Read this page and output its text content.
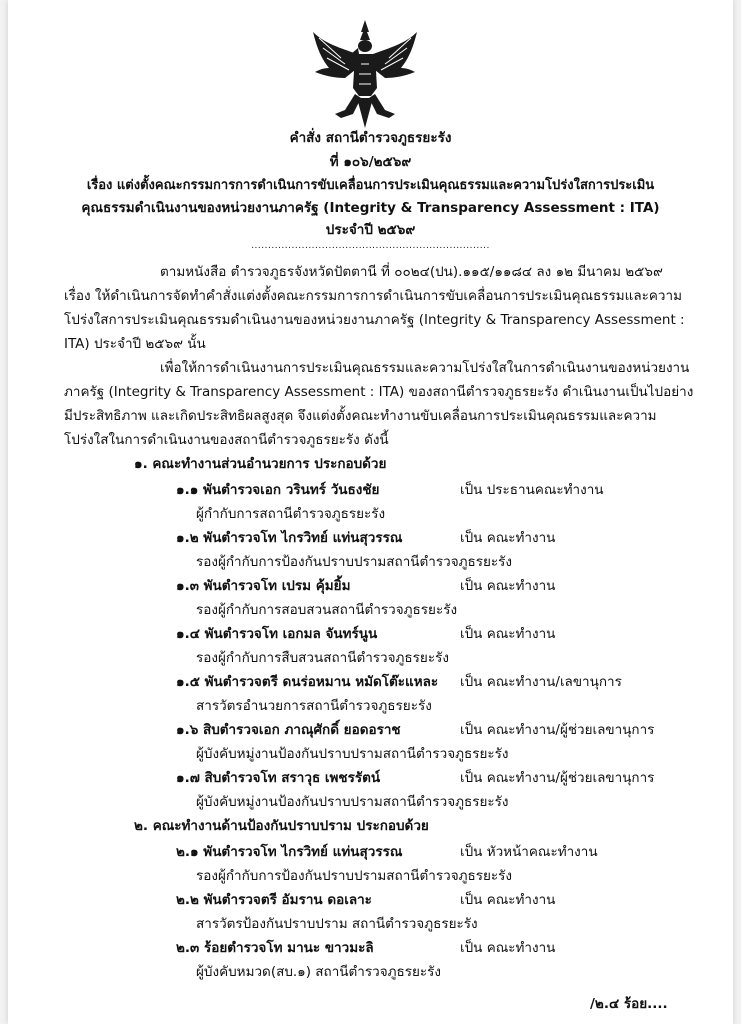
คำสั่ง สถานีตำรวจภูธรยะรัง
ที่ ๑๐๖/๒๕๖๙
เรื่อง แต่งตั้งคณะกรรมการการดำเนินการขับเคลื่อนการประเมินคุณธรรมและความโปร่งใสการประเมิน
คุณธรรมดำเนินงานของหน่วยงานภาครัฐ (Integrity & Transparency Assessment : ITA)
ประจำปี ๒๕๖๙
.......................................................................
ตามหนังสือ ตำรวจภูธรจังหวัดปัตตานี ที่ ๐๐๒๔(ปน).๑๑๕/๑๑๘๔ ลง ๑๒ มีนาคม ๒๕๖๙
เรื่อง ให้ดำเนินการจัดทำคำสั่งแต่งตั้งคณะกรรมการการดำเนินการขับเคลื่อนการประเมินคุณธรรมและความ
โปร่งใสการประเมินคุณธรรมดำเนินงานของหน่วยงานภาครัฐ (Integrity & Transparency Assessment :
ITA) ประจำปี ๒๕๖๙ นั้น
เพื่อให้การดำเนินงานการประเมินคุณธรรมและความโปร่งใสในการดำเนินงานของหน่วยงาน
ภาครัฐ (Integrity & Transparency Assessment : ITA) ของสถานีตำรวจภูธรยะรัง ดำเนินงานเป็นไปอย่าง
มีประสิทธิภาพ และเกิดประสิทธิผลสูงสุด จึงแต่งตั้งคณะทำงานขับเคลื่อนการประเมินคุณธรรมและความ
โปร่งใสในการดำเนินงานของสถานีตำรวจภูธรยะรัง ดังนี้
๑. คณะทำงานส่วนอำนวยการ ประกอบด้วย
๑.๑ พันตำรวจเอก วรินทร์ วันธงชัย	เป็น ประธานคณะทำงาน
ผู้กำกับการสถานีตำรวจภูธรยะรัง
๑.๒ พันตำรวจโท ไกรวิทย์ แท่นสุวรรณ	เป็น คณะทำงาน
รองผู้กำกับการป้องกันปราบปรามสถานีตำรวจภูธรยะรัง
๑.๓ พันตำรวจโท เปรม คุ้มยิ้ม	เป็น คณะทำงาน
รองผู้กำกับการสอบสวนสถานีตำรวจภูธรยะรัง
๑.๔ พันตำรวจโท เอกมล จันทร์นูน	เป็น คณะทำงาน
รองผู้กำกับการสืบสวนสถานีตำรวจภูธรยะรัง
๑.๕ พันตำรวจตรี ดนร่อหมาน หมัดโต๊ะแหละ เป็น คณะทำงาน/เลขานุการ
สารวัตรอำนวยการสถานีตำรวจภูธรยะรัง
๑.๖ สิบตำรวจเอก ภาณุศักดิ์ ยอดอราช	เป็น คณะทำงาน/ผู้ช่วยเลขานุการ
ผู้บังคับหมู่งานป้องกันปราบปรามสถานีตำรวจภูธรยะรัง
๑.๗ สิบตำรวจโท สราวุธ เพชรรัตน์	เป็น คณะทำงาน/ผู้ช่วยเลขานุการ
ผู้บังคับหมู่งานป้องกันปราบปรามสถานีตำรวจภูธรยะรัง
๒. คณะทำงานด้านป้องกันปราบปราม ประกอบด้วย
๒.๑ พันตำรวจโท ไกรวิทย์ แท่นสุวรรณ	เป็น หัวหน้าคณะทำงาน
รองผู้กำกับการป้องกันปราบปรามสถานีตำรวจภูธรยะรัง
๒.๒ พันตำรวจตรี อัมราน ดอเลาะ	เป็น คณะทำงาน
สารวัตรป้องกันปราบปราม สถานีตำรวจภูธรยะรัง
๒.๓ ร้อยตำรวจโท มานะ ขาวมะลิ	เป็น คณะทำงาน
ผู้บังคับหมวด(สบ.๑) สถานีตำรวจภูธรยะรัง
/๒.๔ ร้อย....
